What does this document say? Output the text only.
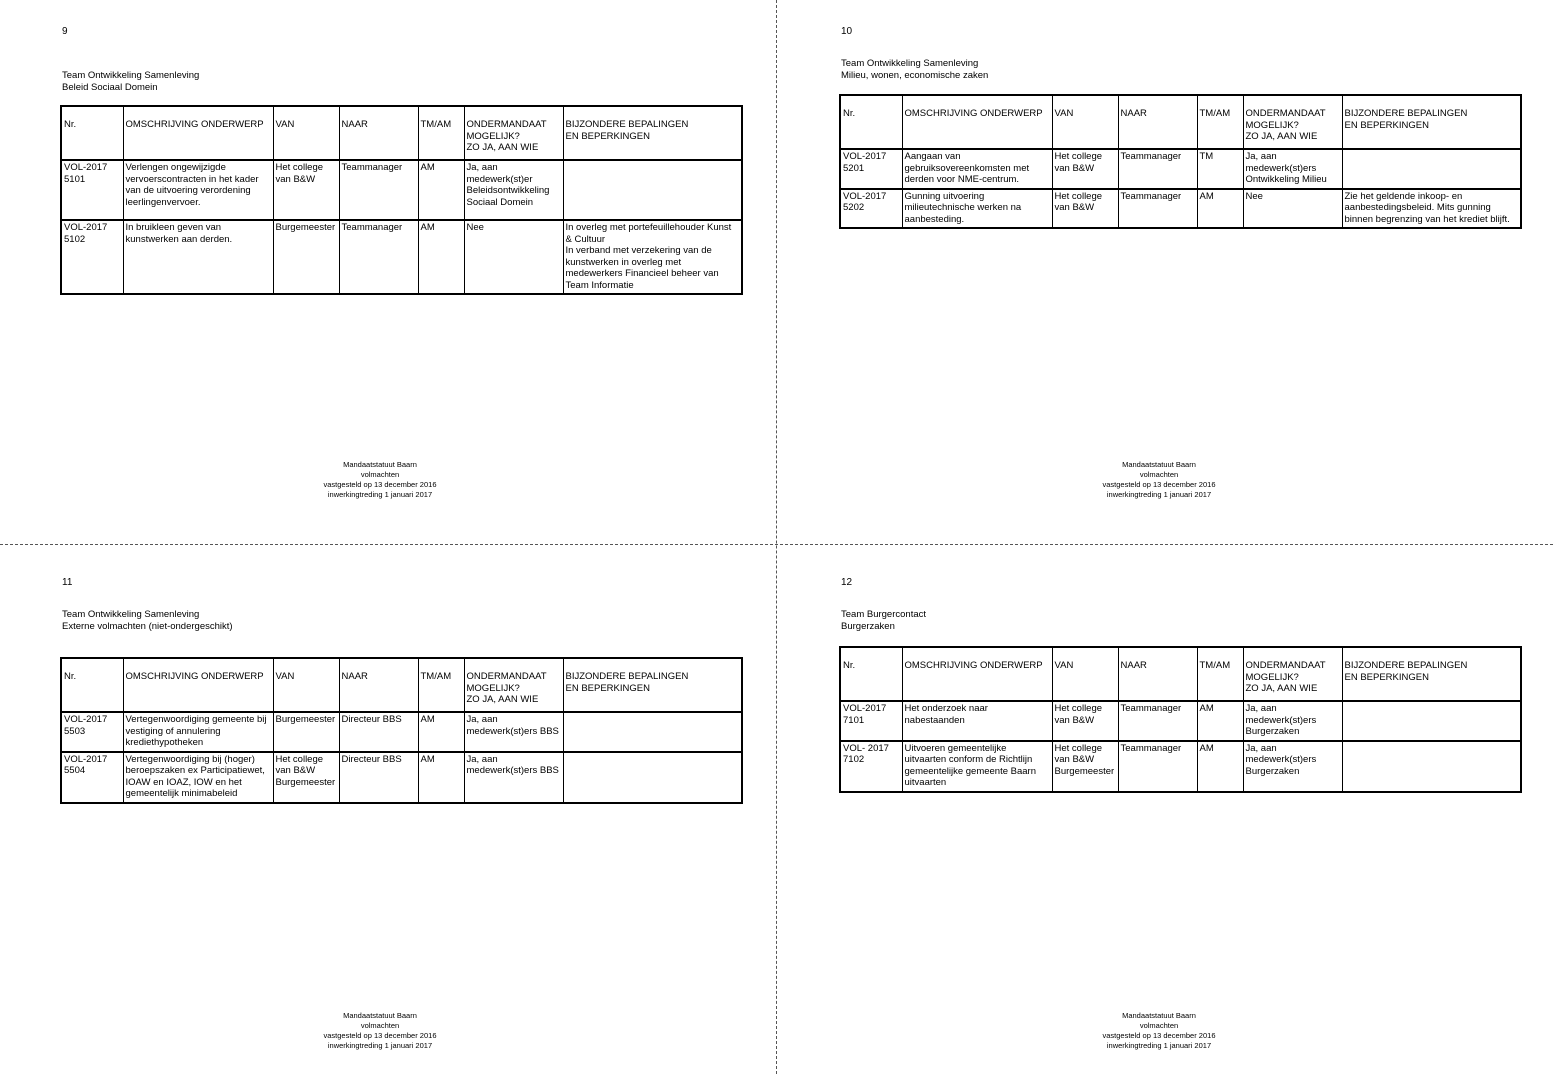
9
Team Ontwikkeling Samenleving
Beleid Sociaal Domein
Nr.	OMSCHRIJVING ONDERWERP	VAN	NAAR	TM/AM	ONDERMANDAAT
MOGELIJK?
ZO JA, AAN WIE	BIJZONDERE BEPALINGEN
EN BEPERKINGEN
VOL-2017
5101	Verlengen ongewijzigde vervoerscontracten in het kader van de uitvoering verordening leerlingenvervoer.	Het college van B&W	Teammanager	AM	Ja, aan medewerk(st)er Beleidsontwikkeling Sociaal Domein	
VOL-2017
5102	In bruikleen geven van kunstwerken aan derden.	Burgemeester	Teammanager	AM	Nee	In overleg met portefeuillehouder Kunst & Cultuur
In verband met verzekering van de kunstwerken in overleg met medewerkers Financieel beheer van Team Informatie
Mandaatstatuut Baarn
volmachten
vastgesteld op 13 december 2016
inwerkingtreding 1 januari 2017
10
Team Ontwikkeling Samenleving
Milieu, wonen, economische zaken
Nr.	OMSCHRIJVING ONDERWERP	VAN	NAAR	TM/AM	ONDERMANDAAT
MOGELIJK?
ZO JA, AAN WIE	BIJZONDERE BEPALINGEN
EN BEPERKINGEN
VOL-2017
5201	Aangaan van gebruiksovereenkomsten met derden voor NME-centrum.	Het college van B&W	Teammanager	TM	Ja, aan medewerk(st)ers Ontwikkeling Milieu	
VOL-2017
5202	Gunning uitvoering milieutechnische werken na aanbesteding.	Het college van B&W	Teammanager	AM	Nee	Zie het geldende inkoop- en aanbestedingsbeleid. Mits gunning binnen begrenzing van het krediet blijft.
Mandaatstatuut Baarn
volmachten
vastgesteld op 13 december 2016
inwerkingtreding 1 januari 2017
11
Team Ontwikkeling Samenleving
Externe volmachten (niet-ondergeschikt)
Nr.	OMSCHRIJVING ONDERWERP	VAN	NAAR	TM/AM	ONDERMANDAAT
MOGELIJK?
ZO JA, AAN WIE	BIJZONDERE BEPALINGEN
EN BEPERKINGEN
VOL-2017
5503	Vertegenwoordiging gemeente bij vestiging of annulering krediethypotheken	Burgemeester	Directeur BBS	AM	Ja, aan medewerk(st)ers BBS	
VOL-2017
5504	Vertegenwoordiging bij (hoger) beroepszaken ex Participatiewet, IOAW en IOAZ, IOW en het gemeentelijk minimabeleid	Het college van B&W Burgemeester	Directeur BBS	AM	Ja, aan medewerk(st)ers BBS	
Mandaatstatuut Baarn
volmachten
vastgesteld op 13 december 2016
inwerkingtreding 1 januari 2017
12
Team Burgercontact
Burgerzaken
Nr.	OMSCHRIJVING ONDERWERP	VAN	NAAR	TM/AM	ONDERMANDAAT
MOGELIJK?
ZO JA, AAN WIE	BIJZONDERE BEPALINGEN
EN BEPERKINGEN
VOL-2017
7101	Het onderzoek naar nabestaanden	Het college van B&W	Teammanager	AM	Ja, aan medewerk(st)ers Burgerzaken	
VOL- 2017
7102	Uitvoeren gemeentelijke uitvaarten conform de Richtlijn gemeentelijke gemeente Baarn uitvaarten	Het college van B&W Burgemeester	Teammanager	AM	Ja, aan medewerk(st)ers Burgerzaken	
Mandaatstatuut Baarn
volmachten
vastgesteld op 13 december 2016
inwerkingtreding 1 januari 2017
